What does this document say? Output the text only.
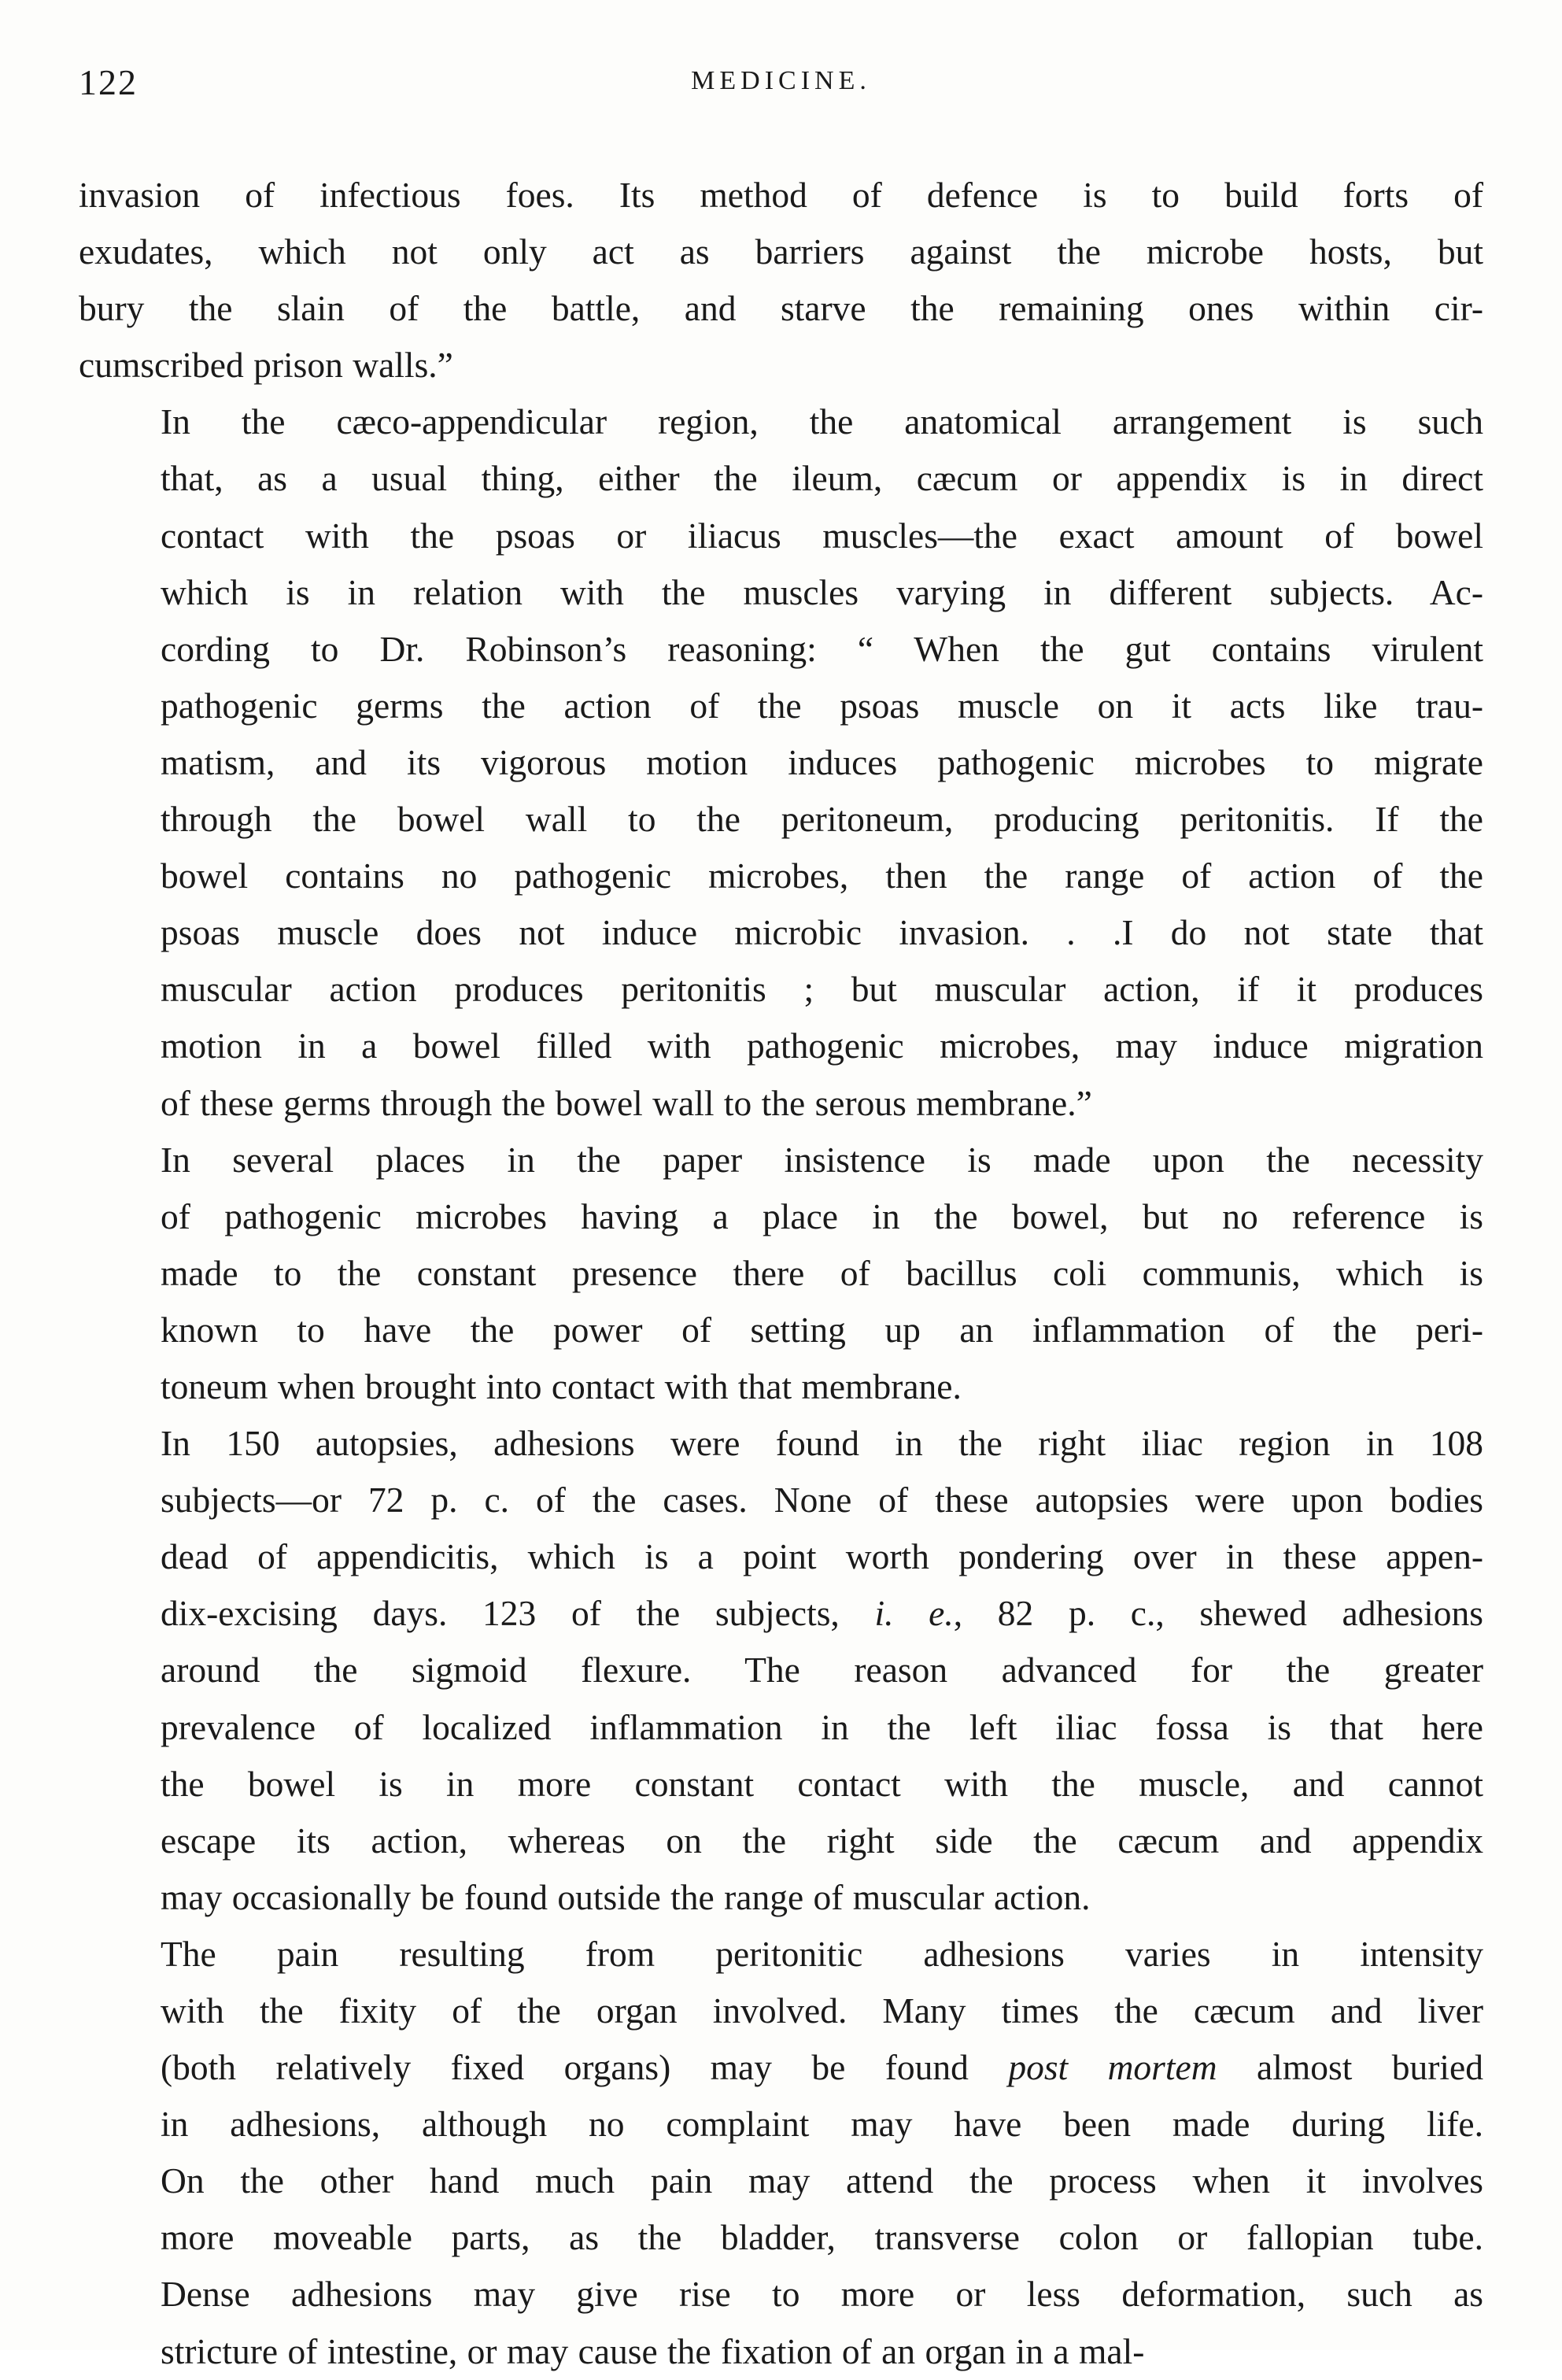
122	MEDICINE.

invasion of infectious foes. Its method of defence is to build forts of
exudates, which not only act as barriers against the microbe hosts, but
bury the slain of the battle, and starve the remaining ones within cir-
cumscribed prison walls.”

In the cæco-appendicular region, the anatomical arrangement is such
that, as a usual thing, either the ileum, cæcum or appendix is in direct
contact with the psoas or iliacus muscles—the exact amount of bowel
which is in relation with the muscles varying in different subjects. Ac-
cording to Dr. Robinson’s reasoning: “ When the gut contains virulent
pathogenic germs the action of the psoas muscle on it acts like trau-
matism, and its vigorous motion induces pathogenic microbes to migrate
through the bowel wall to the peritoneum, producing peritonitis. If the
bowel contains no pathogenic microbes, then the range of action of the
psoas muscle does not induce microbic invasion. . .I do not state that
muscular action produces peritonitis ; but muscular action, if it produces
motion in a bowel filled with pathogenic microbes, may induce migration
of these germs through the bowel wall to the serous membrane.”

In several places in the paper insistence is made upon the necessity
of pathogenic microbes having a place in the bowel, but no reference is
made to the constant presence there of bacillus coli communis, which is
known to have the power of setting up an inflammation of the peri-
toneum when brought into contact with that membrane.

In 150 autopsies, adhesions were found in the right iliac region in 108
subjects—or 72 p. c. of the cases. None of these autopsies were upon bodies
dead of appendicitis, which is a point worth pondering over in these appen-
dix-excising days. 123 of the subjects, i. e., 82 p. c., shewed adhesions
around the sigmoid flexure. The reason advanced for the greater
prevalence of localized inflammation in the left iliac fossa is that here
the bowel is in more constant contact with the muscle, and cannot
escape its action, whereas on the right side the cæcum and appendix
may occasionally be found outside the range of muscular action.

The pain resulting from peritonitic adhesions varies in intensity
with the fixity of the organ involved. Many times the cæcum and liver
(both relatively fixed organs) may be found post mortem almost buried
in adhesions, although no complaint may have been made during life.
On the other hand much pain may attend the process when it involves
more moveable parts, as the bladder, transverse colon or fallopian tube.
Dense adhesions may give rise to more or less deformation, such as
stricture of intestine, or may cause the fixation of an organ in a mal-
